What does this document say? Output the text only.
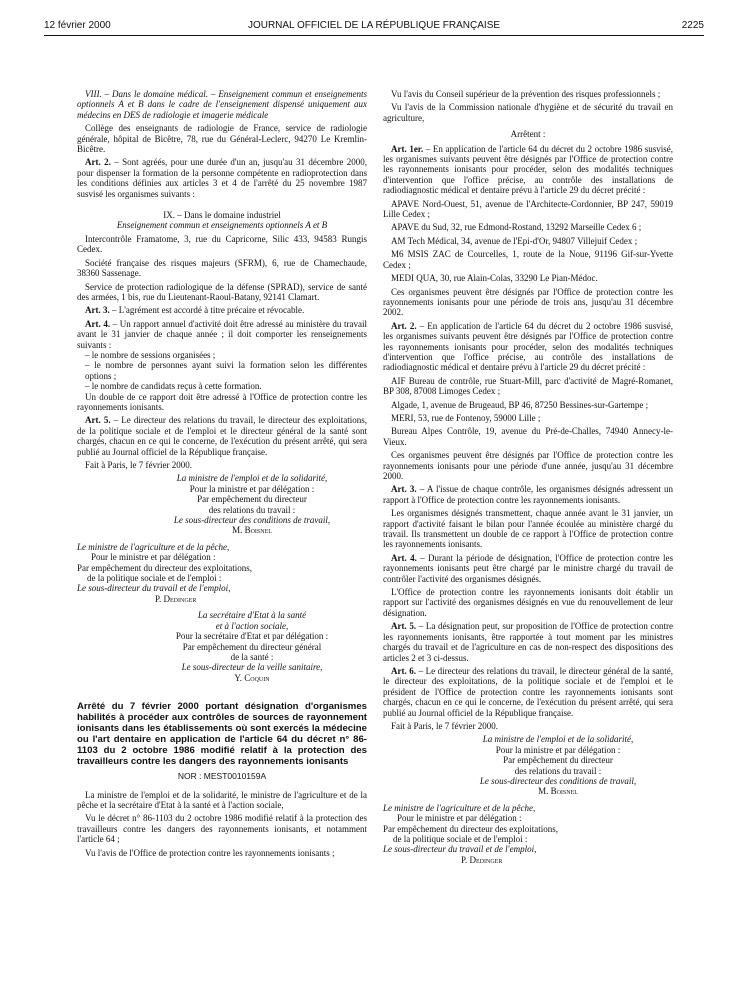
12 février 2000	JOURNAL OFFICIEL DE LA RÉPUBLIQUE FRANÇAISE	2225

VIII. – Dans le domaine médical. – Enseignement commun et enseignements optionnels A et B dans le cadre de l'enseignement dispensé uniquement aux médecins en DES de radiologie et imagerie médicale

Collège des enseignants de radiologie de France, service de radiologie générale, hôpital de Bicêtre, 78, rue du Général-Leclerc, 94270 Le Kremlin-Bicêtre.

Art. 2. – Sont agréés, pour une durée d'un an, jusqu'au 31 décembre 2000, pour dispenser la formation de la personne compétente en radioprotection dans les conditions définies aux articles 3 et 4 de l'arrêté du 25 novembre 1987 susvisé les organismes suivants :

IX. – Dans le domaine industriel

Enseignement commun et enseignements optionnels A et B

Intercontrôle Framatome, 3, rue du Capricorne, Silic 433, 94583 Rungis Cedex.

Société française des risques majeurs (SFRM), 6, rue de Chamechaude, 38360 Sassenage.

Service de protection radiologique de la défense (SPRAD), service de santé des armées, 1 bis, rue du Lieutenant-Raoul-Batany, 92141 Clamart.

Art. 3. – L'agrément est accordé à titre précaire et révocable.

Art. 4. – Un rapport annuel d'activité doit être adressé au ministère du travail avant le 31 janvier de chaque année ; il doit comporter les renseignements suivants :

– le nombre de sessions organisées ;

– le nombre de personnes ayant suivi la formation selon les différentes options ;

– le nombre de candidats reçus à cette formation.

Un double de ce rapport doit être adressé à l'Office de protection contre les rayonnements ionisants.

Art. 5. – Le directeur des relations du travail, le directeur des exploitations, de la politique sociale et de l'emploi et le directeur général de la santé sont chargés, chacun en ce qui le concerne, de l'exécution du présent arrêté, qui sera publié au Journal officiel de la République française.

Fait à Paris, le 7 février 2000.

La ministre de l'emploi et de la solidarité,

Pour la ministre et par délégation :

Par empêchement du directeur

des relations du travail :

Le sous-directeur des conditions de travail,

M. Boisnel

Le ministre de l'agriculture et de la pêche,

Pour le ministre et par délégation :

Par empêchement du directeur des exploitations,

de la politique sociale et de l'emploi :

Le sous-directeur du travail et de l'emploi,

P. Dedinger

La secrétaire d'Etat à la santé

et à l'action sociale,

Pour la secrétaire d'Etat et par délégation :

Par empêchement du directeur général

de la santé :

Le sous-directeur de la veille sanitaire,

Y. Coquin

Arrêté du 7 février 2000 portant désignation d'organismes habilités à procéder aux contrôles de sources de rayonnement ionisants dans les établissements où sont exercés la médecine ou l'art dentaire en application de l'article 64 du décret n° 86-1103 du 2 octobre 1986 modifié relatif à la protection des travailleurs contre les dangers des rayonnements ionisants

NOR : MEST0010159A

La ministre de l'emploi et de la solidarité, le ministre de l'agriculture et de la pêche et la secrétaire d'Etat à la santé et à l'action sociale,

Vu le décret n° 86-1103 du 2 octobre 1986 modifié relatif à la protection des travailleurs contre les dangers des rayonnements ionisants, et notamment l'article 64 ;

Vu l'avis de l'Office de protection contre les rayonnements ionisants ;

Vu l'avis du Conseil supérieur de la prévention des risques professionnels ;

Vu l'avis de la Commission nationale d'hygiène et de sécurité du travail en agriculture,

Arrêtent :

Art. 1er. – En application de l'article 64 du décret du 2 octobre 1986 susvisé, les organismes suivants peuvent être désignés par l'Office de protection contre les rayonnements ionisants pour procéder, selon des modalités techniques d'intervention que l'office précise, au contrôle des installations de radiodiagnostic médical et dentaire prévu à l'article 29 du décret précité :

APAVE Nord-Ouest, 51, avenue de l'Architecte-Cordonnier, BP 247, 59019 Lille Cedex ;

APAVE du Sud, 32, rue Edmond-Rostand, 13292 Marseille Cedex 6 ;

AM Tech Médical, 34, avenue de l'Epi-d'Or, 94807 Villejuif Cedex ;

M6 MSIS ZAC de Courcelles, 1, route de la Noue, 91196 Gif-sur-Yvette Cedex ;

MEDI QUA, 30, rue Alain-Colas, 33290 Le Pian-Médoc.

Ces organismes peuvent être désignés par l'Office de protection contre les rayonnements ionisants pour une période de trois ans, jusqu'au 31 décembre 2002.

Art. 2. – En application de l'article 64 du décret du 2 octobre 1986 susvisé, les organismes suivants peuvent être désignés par l'Office de protection contre les rayonnements ionisants pour procéder, selon des modalités techniques d'intervention que l'office précise, au contrôle des installations de radiodiagnostic médical et dentaire prévu à l'article 29 du décret précité :

AIF Bureau de contrôle, rue Stuart-Mill, parc d'activité de Magré-Romanet, BP 308, 87008 Limoges Cedex ;

Algade, 1, avenue de Brugeaud, BP 46, 87250 Bessines-sur-Gartempe ;

MERI, 53, rue de Fontenoy, 59000 Lille ;

Bureau Alpes Contrôle, 19, avenue du Pré-de-Challes, 74940 Annecy-le-Vieux.

Ces organismes peuvent être désignés par l'Office de protection contre les rayonnements ionisants pour une période d'une année, jusqu'au 31 décembre 2000.

Art. 3. – A l'issue de chaque contrôle, les organismes désignés adressent un rapport à l'Office de protection contre les rayonnements ionisants.

Les organismes désignés transmettent, chaque année avant le 31 janvier, un rapport d'activité faisant le bilan pour l'année écoulée au ministère chargé du travail. Ils transmettent un double de ce rapport à l'Office de protection contre les rayonnements ionisants.

Art. 4. – Durant la période de désignation, l'Office de protection contre les rayonnements ionisants peut être chargé par le ministre chargé du travail de contrôler l'activité des organismes désignés.

L'Office de protection contre les rayonnements ionisants doit établir un rapport sur l'activité des organismes désignés en vue du renouvellement de leur désignation.

Art. 5. – La désignation peut, sur proposition de l'Office de protection contre les rayonnements ionisants, être rapportée à tout moment par les ministres chargés du travail et de l'agriculture en cas de non-respect des dispositions des articles 2 et 3 ci-dessus.

Art. 6. – Le directeur des relations du travail, le directeur général de la santé, le directeur des exploitations, de la politique sociale et de l'emploi et le président de l'Office de protection contre les rayonnements ionisants sont chargés, chacun en ce qui le concerne, de l'exécution du présent arrêté, qui sera publié au Journal officiel de la République française.

Fait à Paris, le 7 février 2000.

La ministre de l'emploi et de la solidarité,

Pour la ministre et par délégation :

Par empêchement du directeur

des relations du travail :

Le sous-directeur des conditions de travail,

M. Boisnel

Le ministre de l'agriculture et de la pêche,

Pour le ministre et par délégation :

Par empêchement du directeur des exploitations,

de la politique sociale et de l'emploi :

Le sous-directeur du travail et de l'emploi,

P. Dedinger
